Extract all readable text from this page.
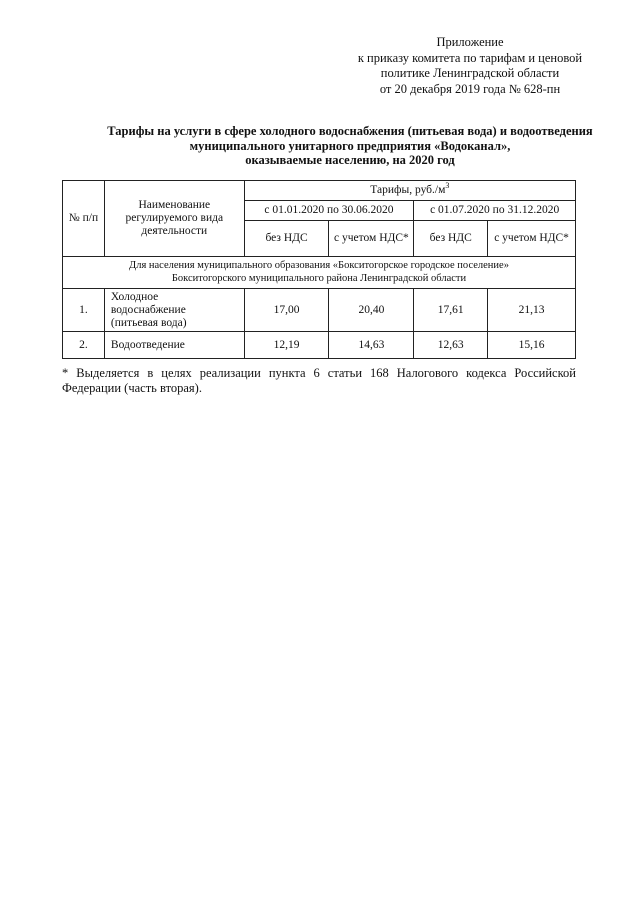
Приложение
к приказу комитета по тарифам и ценовой
политике Ленинградской области
от 20 декабря 2019 года № 628-пн
Тарифы на услуги в сфере холодного водоснабжения (питьевая вода) и водоотведения
муниципального унитарного предприятия «Водоканал»,
оказываемые населению, на 2020 год
№ п/п	Наименование регулируемого вида деятельности	Тарифы, $руб./м^3$
		с 01.01.2020 по 30.06.2020		с 01.07.2020 по 31.12.2020	
		без НДС	с учетом НДС*	без НДС	с учетом НДС*

Для населения муниципального образования «Бокситогорское городское поселение»
Бокситогорского муниципального района Ленинградской области					

1.	Холодное
водоснабжение
(питьевая вода)	17,00	20,40	17,61	21,13
2.	Водоотведение	12,19	14,63	12,63	15,16
* Выделяется в целях реализации пункта 6 статьи 168 Налогового кодекса Российской Федерации (часть вторая).
